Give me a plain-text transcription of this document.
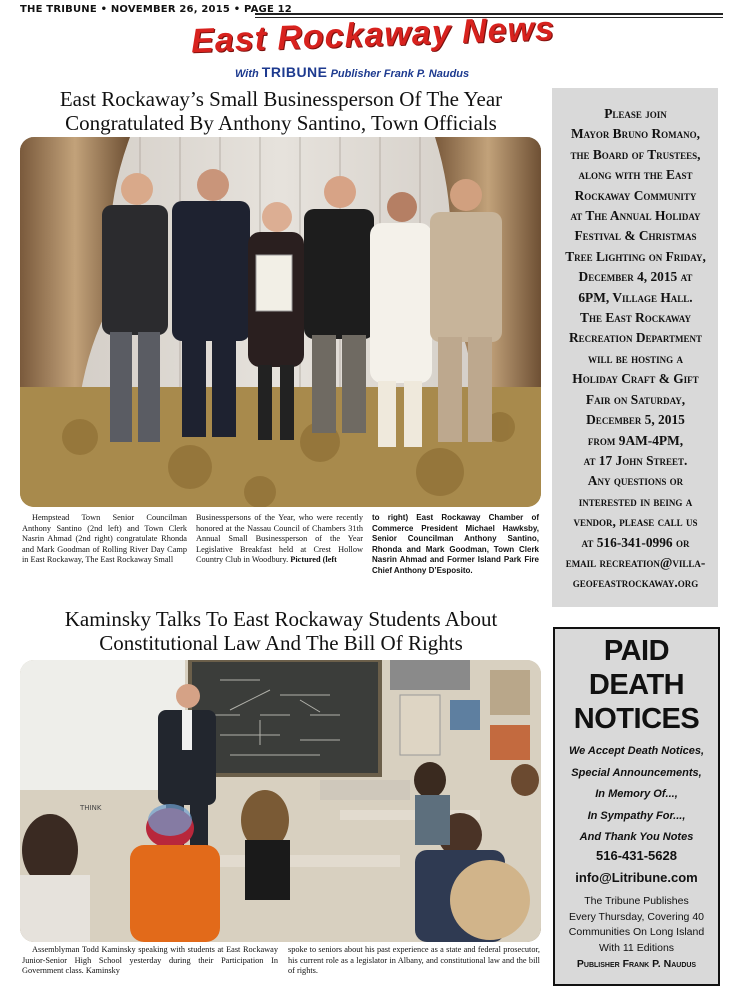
THE TRIBUNE • NOVEMBER 26, 2015 • PAGE 12
East Rockaway News
With TRIBUNE Publisher Frank P. Naudus
East Rockaway’s Small Businessperson Of The Year
Congratulated By Anthony Santino, Town Officials
Hempstead Town Senior Councilman Anthony Santino (2nd left) and Town Clerk Nasrin Ahmad (2nd right) congratulate Rhonda and Mark Goodman of Rolling River Day Camp in East Rockaway, The East Rockaway Small
Businesspersons of the Year, who were recently honored at the Nassau Council of Chambers 31th Annual Small Businessperson of the Year Legislative Breakfast held at Crest Hollow Country Club in Woodbury. Pictured (left
to right) East Rockaway Chamber of Commerce President Michael Hawksby, Senior Councilman Anthony Santino, Rhonda and Mark Goodman, Town Clerk Nasrin Ahmad and Former Island Park Fire Chief Anthony D’Esposito.
Kaminsky Talks To East Rockaway Students About
Constitutional Law And The Bill Of Rights
THINK
Assemblyman Todd Kaminsky speaking with students at East Rockaway Junior-Senior High School yesterday during their Participation In Government class. Kaminsky
spoke to seniors about his past experience as a state and federal prosecutor, his current role as a legislator in Albany, and constitutional law and the bill of rights.
Please join
Mayor Bruno Romano,
the Board of Trustees,
along with the East
Rockaway Community
at The Annual Holiday
Festival & Christmas
Tree Lighting on Friday,
December 4, 2015 at
6PM, Village Hall.
The East Rockaway
Recreation Department
will be hosting a
Holiday Craft & Gift
Fair on Saturday,
December 5, 2015
from 9AM-4PM,
at 17 John Street.
Any questions or
interested in being a
vendor, please call us
at 516-341-0996 or
email recreation@villa-
geofeastrockaway.org
PAID
DEATH
NOTICES
We Accept Death Notices,
Special Announcements,
In Memory Of...,
In Sympathy For...,
And Thank You Notes
516-431-5628
info@Litribune.com
The Tribune Publishes
Every Thursday, Covering 40
Communities On Long Island
With 11 Editions
Publisher Frank P. Naudus
